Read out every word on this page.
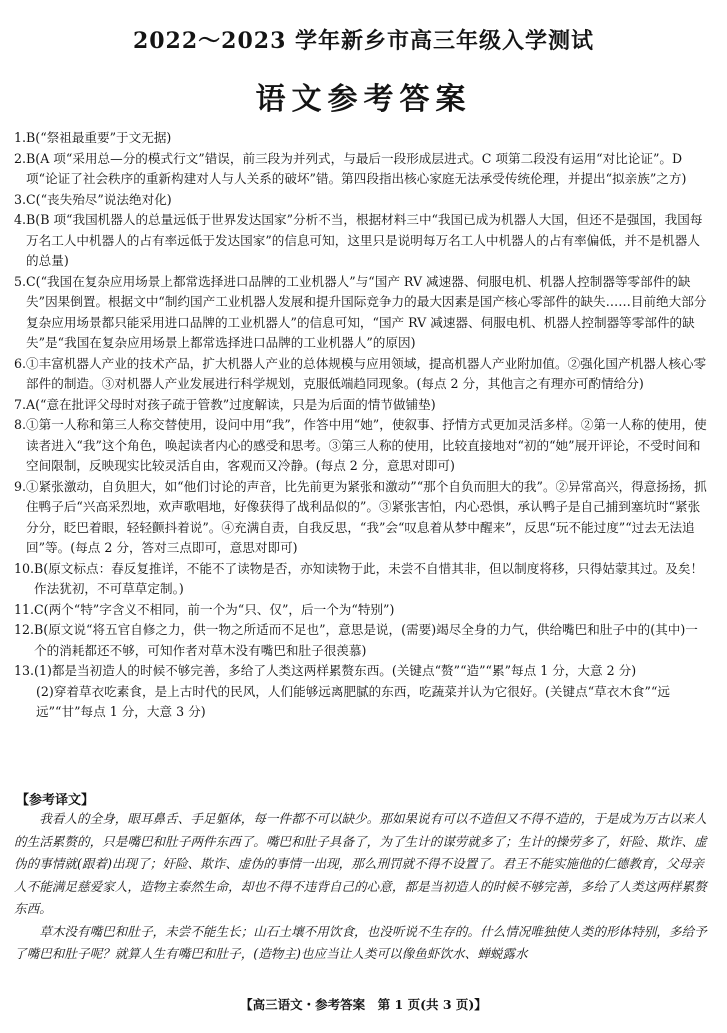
2022～2023 学年新乡市高三年级入学测试
语文参考答案
1. B(“祭祖最重要”于文无据)
2. B(A 项“采用总—分的模式行文”错误，前三段为并列式，与最后一段形成层进式。C 项第二段没有运用“对比论证”。D 项“论证了社会秩序的重新构建对人与人关系的破坏”错。第四段指出核心家庭无法承受传统伦理，并提出“拟亲族”之方)
3. C(“丧失殆尽”说法绝对化)
4. B(B 项“我国机器人的总量远低于世界发达国家”分析不当，根据材料三中“我国已成为机器人大国，但还不是强国，我国每万名工人中机器人的占有率远低于发达国家”的信息可知，这里只是说明每万名工人中机器人的占有率偏低，并不是机器人的总量)
5. C(“我国在复杂应用场景上都常选择进口品牌的工业机器人”与“国产 RV 减速器、伺服电机、机器人控制器等零部件的缺失”因果倒置。根据文中“制约国产工业机器人发展和提升国际竞争力的最大因素是国产核心零部件的缺失……目前绝大部分复杂应用场景都只能采用进口品牌的工业机器人”的信息可知，“国产 RV 减速器、伺服电机、机器人控制器等零部件的缺失”是“我国在复杂应用场景上都常选择进口品牌的工业机器人”的原因)
6. ①丰富机器人产业的技术产品，扩大机器人产业的总体规模与应用领域，提高机器人产业附加值。②强化国产机器人核心零部件的制造。③对机器人产业发展进行科学规划，克服低端趋同现象。(每点 2 分，其他言之有理亦可酌情给分)
7. A(“意在批评父母时对孩子疏于管教”过度解读，只是为后面的情节做铺垫)
8. ①第一人称和第三人称交替使用，设问中用“我”，作答中用“她”，使叙事、抒情方式更加灵活多样。②第一人称的使用，使读者进入“我”这个角色，唤起读者内心的感受和思考。③第三人称的使用，比较直接地对“初的“她”展开评论，不受时间和空间限制，反映现实比较灵活自由，客观而又冷静。(每点 2 分，意思对即可)
9. ①紧张激动，自负胆大，如“他们讨论的声音，比先前更为紧张和激动”“那个自负而胆大的我”。②异常高兴，得意扬扬，抓住鸭子后“兴高采烈地，欢声歌唱地，好像获得了战利品似的”。③紧张害怕，内心恐惧，承认鸭子是自己捕到塞坑时“紧张分分，眨巴着眼，轻轻颤抖着说”。④充满自责，自我反思，“我”会“叹息着从梦中醒来”，反思“玩不能过度”“过去无法追回”等。(每点 2 分，答对三点即可，意思对即可)
10. B(原文标点：春反复推详，不能不了读物是否，亦知读物于此，未尝不自惜其非，但以制度将移，只得姑蒙其过。及矣！作法犹初，不可草草定制。)
11. C(两个“特”字含义不相同，前一个为“只、仅”，后一个为“特别”)
12. B(原文说“将五官自修之力，供一物之所适而不足也”，意思是说，(需要)竭尽全身的力气，供给嘴巴和肚子中的(其中)一个的消耗都还不够，可知作者对草木没有嘴巴和肚子很羡慕)
13. (1)都是当初造人的时候不够完善，多给了人类这两样累赘东西。(关键点“赘”“造”“累”每点 1 分，大意 2 分)
(2)穿着草衣吃素食，是上古时代的民风，人们能够远离肥腻的东西，吃蔬菜并认为它很好。(关键点“草衣木食”“远远”“甘”每点 1 分，大意 3 分)
【参考译文】

我看人的全身，眼耳鼻舌、手足躯体，每一件都不可以缺少。那如果说有可以不造但又不得不造的，于是成为万古以来人的生活累赘的，只是嘴巴和肚子两件东西了。嘴巴和肚子具备了，为了生计的谋劳就多了；生计的操劳多了，奸险、欺诈、虚伪的事情就(跟着)出现了；奸险、欺诈、虚伪的事情一出现，那么刑罚就不得不设置了。君王不能实施他的仁德教育，父母亲人不能满足慈爱家人，造物主泰然生命，却也不得不违背自己的心意，都是当初造人的时候不够完善，多给了人类这两样累赘东西。

草木没有嘴巴和肚子，未尝不能生长；山石土壤不用饮食，也没听说不生存的。什么情况唯独使人类的形体特别，多给予了嘴巴和肚子呢？就算人生有嘴巴和肚子，(造物主)也应当让人类可以像鱼虾饮水、蝉蜕露水

【高三语文・参考答案　第 1 页(共 3 页)】
